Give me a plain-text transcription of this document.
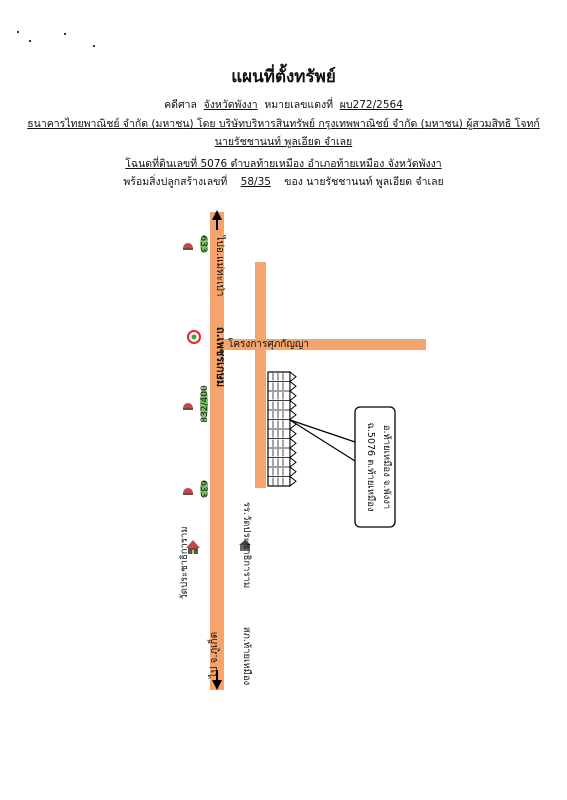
แผนที่ตั้งทรัพย์
คดีศาล จังหวัดพังงา หมายเลขแดงที่ ผบ272/2564
ธนาคารไทยพาณิชย์ จำกัด (มหาชน) โดย บริษัทบริหารสินทรัพย์ กรุงเทพพาณิชย์ จำกัด (มหาชน) ผู้สวมสิทธิ โจทก์
นายรัชชานนท์ พูลเอียด จำเลย
โฉนดที่ดินเลขที่ 5076 ตำบลท้ายเหมือง อำเภอท้ายเหมือง จังหวัดพังงา
พร้อมสิ่งปลูกสร้างเลขที่ 58/35 ของ นายรัชชานนท์ พูลเอียด จำเลย
ไปอ.แม่ทะเป่า
ถ.เพชรเกษม
ไป จ.ภูเก็ต
633
832/400
633
วัดประชาธิการาม	รร.วัดประชาธิการาม
สภ.ท้ายเหมือง
โครงการศุภกัญญา
ฉ.5076 ต.ท้ายเหมือง อ.ท้ายเหมือง จ.พังงา
